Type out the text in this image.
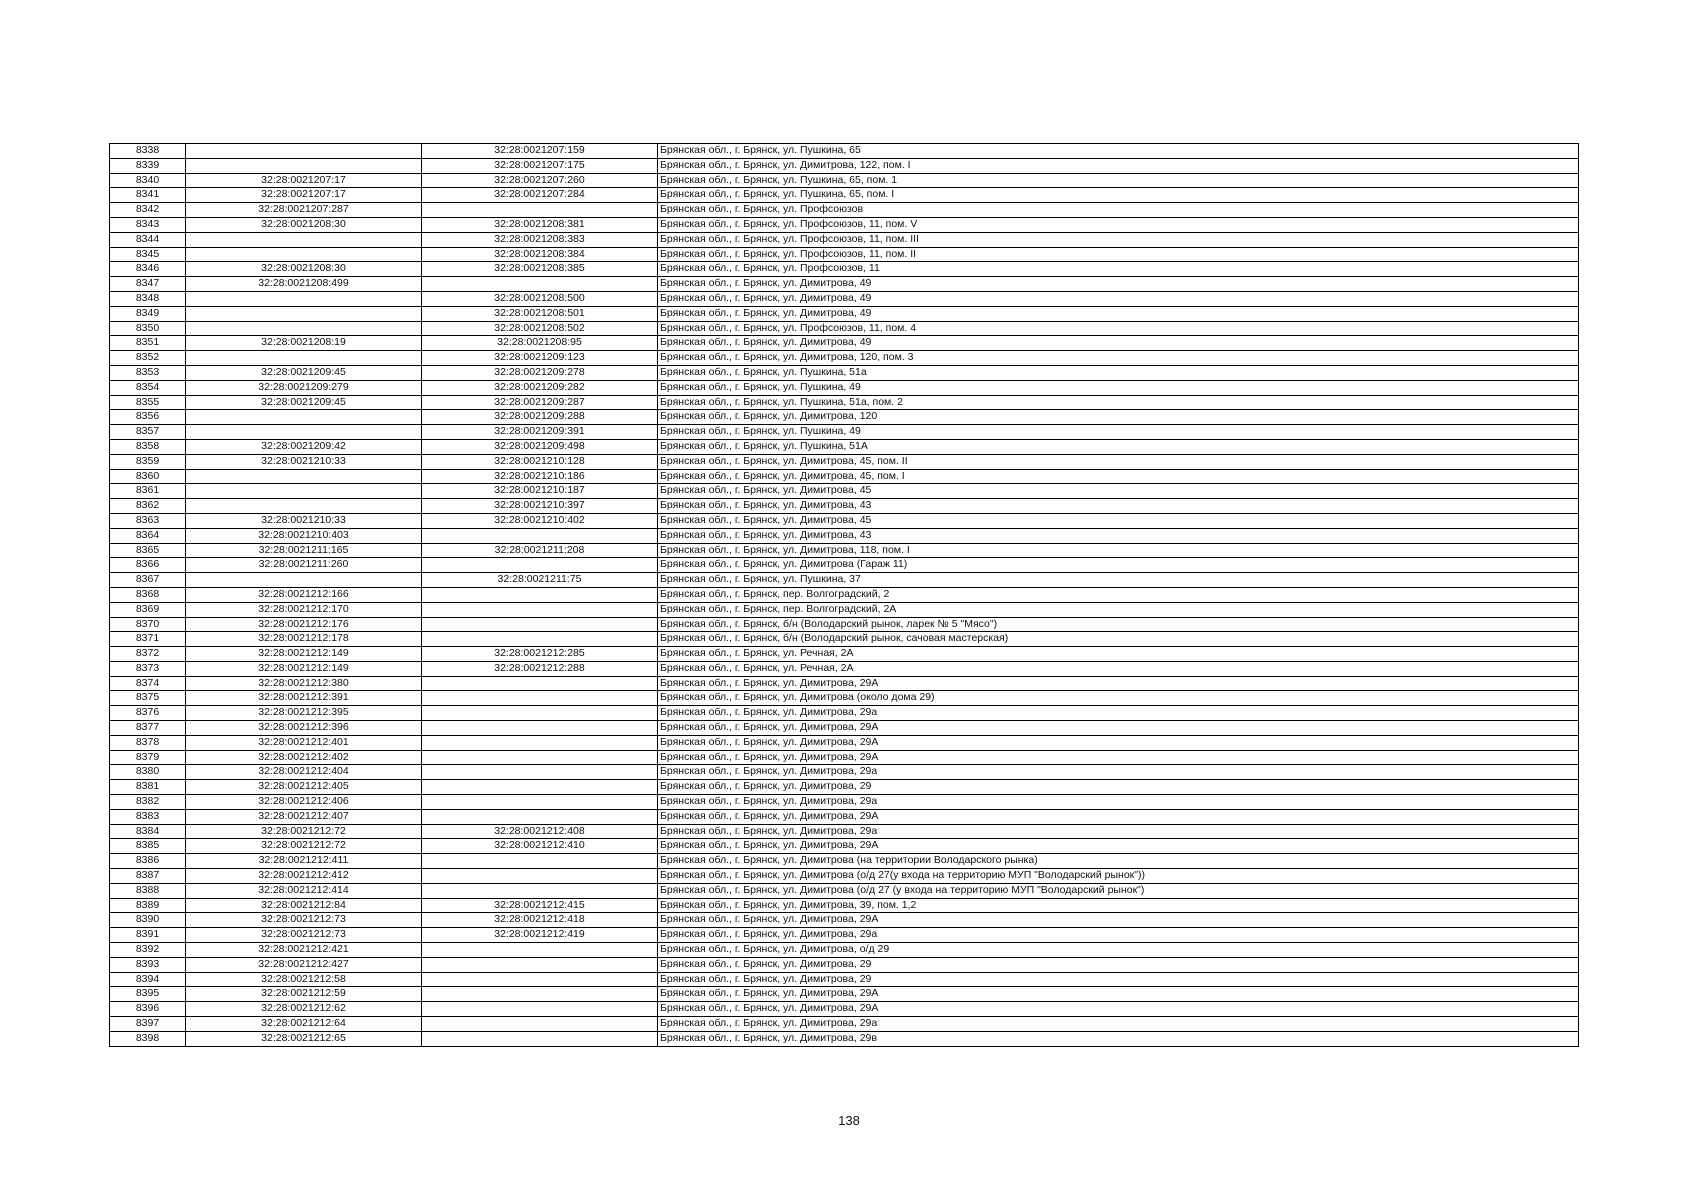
8338		32:28:0021207:159	Брянская обл., г. Брянск, ул. Пушкина, 65
8339		32:28:0021207:175	Брянская обл., г. Брянск, ул. Димитрова, 122, пом. I
8340	32:28:0021207:17	32:28:0021207:260	Брянская обл., г. Брянск, ул. Пушкина, 65, пом. 1
8341	32:28:0021207:17	32:28:0021207:284	Брянская обл., г. Брянск, ул. Пушкина, 65, пом. I
8342	32:28:0021207:287		Брянская обл., г. Брянск, ул. Профсоюзов
8343	32:28:0021208:30	32:28:0021208:381	Брянская обл., г. Брянск, ул. Профсоюзов, 11, пом. V
8344		32:28:0021208:383	Брянская обл., г. Брянск, ул. Профсоюзов, 11, пом. III
8345		32:28:0021208:384	Брянская обл., г. Брянск, ул. Профсоюзов, 11, пом. II
8346	32:28:0021208:30	32:28:0021208:385	Брянская обл., г. Брянск, ул. Профсоюзов, 11
8347	32:28:0021208:499		Брянская обл., г. Брянск, ул. Димитрова, 49
8348		32:28:0021208:500	Брянская обл., г. Брянск, ул. Димитрова, 49
8349		32:28:0021208:501	Брянская обл., г. Брянск, ул. Димитрова, 49
8350		32:28:0021208:502	Брянская обл., г. Брянск, ул. Профсоюзов, 11, пом. 4
8351	32:28:0021208:19	32:28:0021208:95	Брянская обл., г. Брянск, ул. Димитрова, 49
8352		32:28:0021209:123	Брянская обл., г. Брянск, ул. Димитрова, 120, пом. 3
8353	32:28:0021209:45	32:28:0021209:278	Брянская обл., г. Брянск, ул. Пушкина, 51а
8354	32:28:0021209:279	32:28:0021209:282	Брянская обл., г. Брянск, ул. Пушкина, 49
8355	32:28:0021209:45	32:28:0021209:287	Брянская обл., г. Брянск, ул. Пушкина, 51а, пом. 2
8356		32:28:0021209:288	Брянская обл., г. Брянск, ул. Димитрова, 120
8357		32:28:0021209:391	Брянская обл., г. Брянск, ул. Пушкина, 49
8358	32:28:0021209:42	32:28:0021209:498	Брянская обл., г. Брянск, ул. Пушкина, 51А
8359	32:28:0021210:33	32:28:0021210:128	Брянская обл., г. Брянск, ул. Димитрова, 45, пом. II
8360		32:28:0021210:186	Брянская обл., г. Брянск, ул. Димитрова, 45, пом. I
8361		32:28:0021210:187	Брянская обл., г. Брянск, ул. Димитрова, 45
8362		32:28:0021210:397	Брянская обл., г. Брянск, ул. Димитрова, 43
8363	32:28:0021210:33	32:28:0021210:402	Брянская обл., г. Брянск, ул. Димитрова, 45
8364	32:28:0021210:403		Брянская обл., г. Брянск, ул. Димитрова, 43
8365	32:28:0021211:165	32:28:0021211:208	Брянская обл., г. Брянск, ул. Димитрова, 118, пом. I
8366	32:28:0021211:260		Брянская обл., г. Брянск, ул. Димитрова (Гараж 11)
8367		32:28:0021211:75	Брянская обл., г. Брянск, ул. Пушкина, 37
8368	32:28:0021212:166		Брянская обл., г. Брянск, пер. Волгоградский, 2
8369	32:28:0021212:170		Брянская обл., г. Брянск, пер. Волгоградский, 2А
8370	32:28:0021212:176		Брянская обл., г. Брянск, б/н (Володарский рынок, ларек № 5 "Мясо")
8371	32:28:0021212:178		Брянская обл., г. Брянск, б/н (Володарский рынок, сачовая мастерская)
8372	32:28:0021212:149	32:28:0021212:285	Брянская обл., г. Брянск, ул. Речная, 2А
8373	32:28:0021212:149	32:28:0021212:288	Брянская обл., г. Брянск, ул. Речная, 2А
8374	32:28:0021212:380		Брянская обл., г. Брянск, ул. Димитрова, 29А
8375	32:28:0021212:391		Брянская обл., г. Брянск, ул. Димитрова (около дома 29)
8376	32:28:0021212:395		Брянская обл., г. Брянск, ул. Димитрова, 29а
8377	32:28:0021212:396		Брянская обл., г. Брянск, ул. Димитрова, 29А
8378	32:28:0021212:401		Брянская обл., г. Брянск, ул. Димитрова, 29А
8379	32:28:0021212:402		Брянская обл., г. Брянск, ул. Димитрова, 29А
8380	32:28:0021212:404		Брянская обл., г. Брянск, ул. Димитрова, 29а
8381	32:28:0021212:405		Брянская обл., г. Брянск, ул. Димитрова, 29
8382	32:28:0021212:406		Брянская обл., г. Брянск, ул. Димитрова, 29а
8383	32:28:0021212:407		Брянская обл., г. Брянск, ул. Димитрова, 29А
8384	32:28:0021212:72	32:28:0021212:408	Брянская обл., г. Брянск, ул. Димитрова, 29а
8385	32:28:0021212:72	32:28:0021212:410	Брянская обл., г. Брянск, ул. Димитрова, 29А
8386	32:28:0021212:411		Брянская обл., г. Брянск, ул. Димитрова (на территории Володарского рынка)
8387	32:28:0021212:412		Брянская обл., г. Брянск, ул. Димитрова (о/д 27(у входа на территорию МУП "Володарский рынок"))
8388	32:28:0021212:414		Брянская обл., г. Брянск, ул. Димитрова (о/д 27 (у входа на территорию МУП "Володарский рынок")
8389	32:28:0021212:84	32:28:0021212:415	Брянская обл., г. Брянск, ул. Димитрова, 39, пом. 1,2
8390	32:28:0021212:73	32:28:0021212:418	Брянская обл., г. Брянск, ул. Димитрова, 29А
8391	32:28:0021212:73	32:28:0021212:419	Брянская обл., г. Брянск, ул. Димитрова, 29а
8392	32:28:0021212:421		Брянская обл., г. Брянск, ул. Димитрова, о/д 29
8393	32:28:0021212:427		Брянская обл., г. Брянск, ул. Димитрова, 29
8394	32:28:0021212:58		Брянская обл., г. Брянск, ул. Димитрова, 29
8395	32:28:0021212:59		Брянская обл., г. Брянск, ул. Димитрова, 29А
8396	32:28:0021212:62		Брянская обл., г. Брянск, ул. Димитрова, 29А
8397	32:28:0021212:64		Брянская обл., г. Брянск, ул. Димитрова, 29а
8398	32:28:0021212:65		Брянская обл., г. Брянск, ул. Димитрова, 29в
138
